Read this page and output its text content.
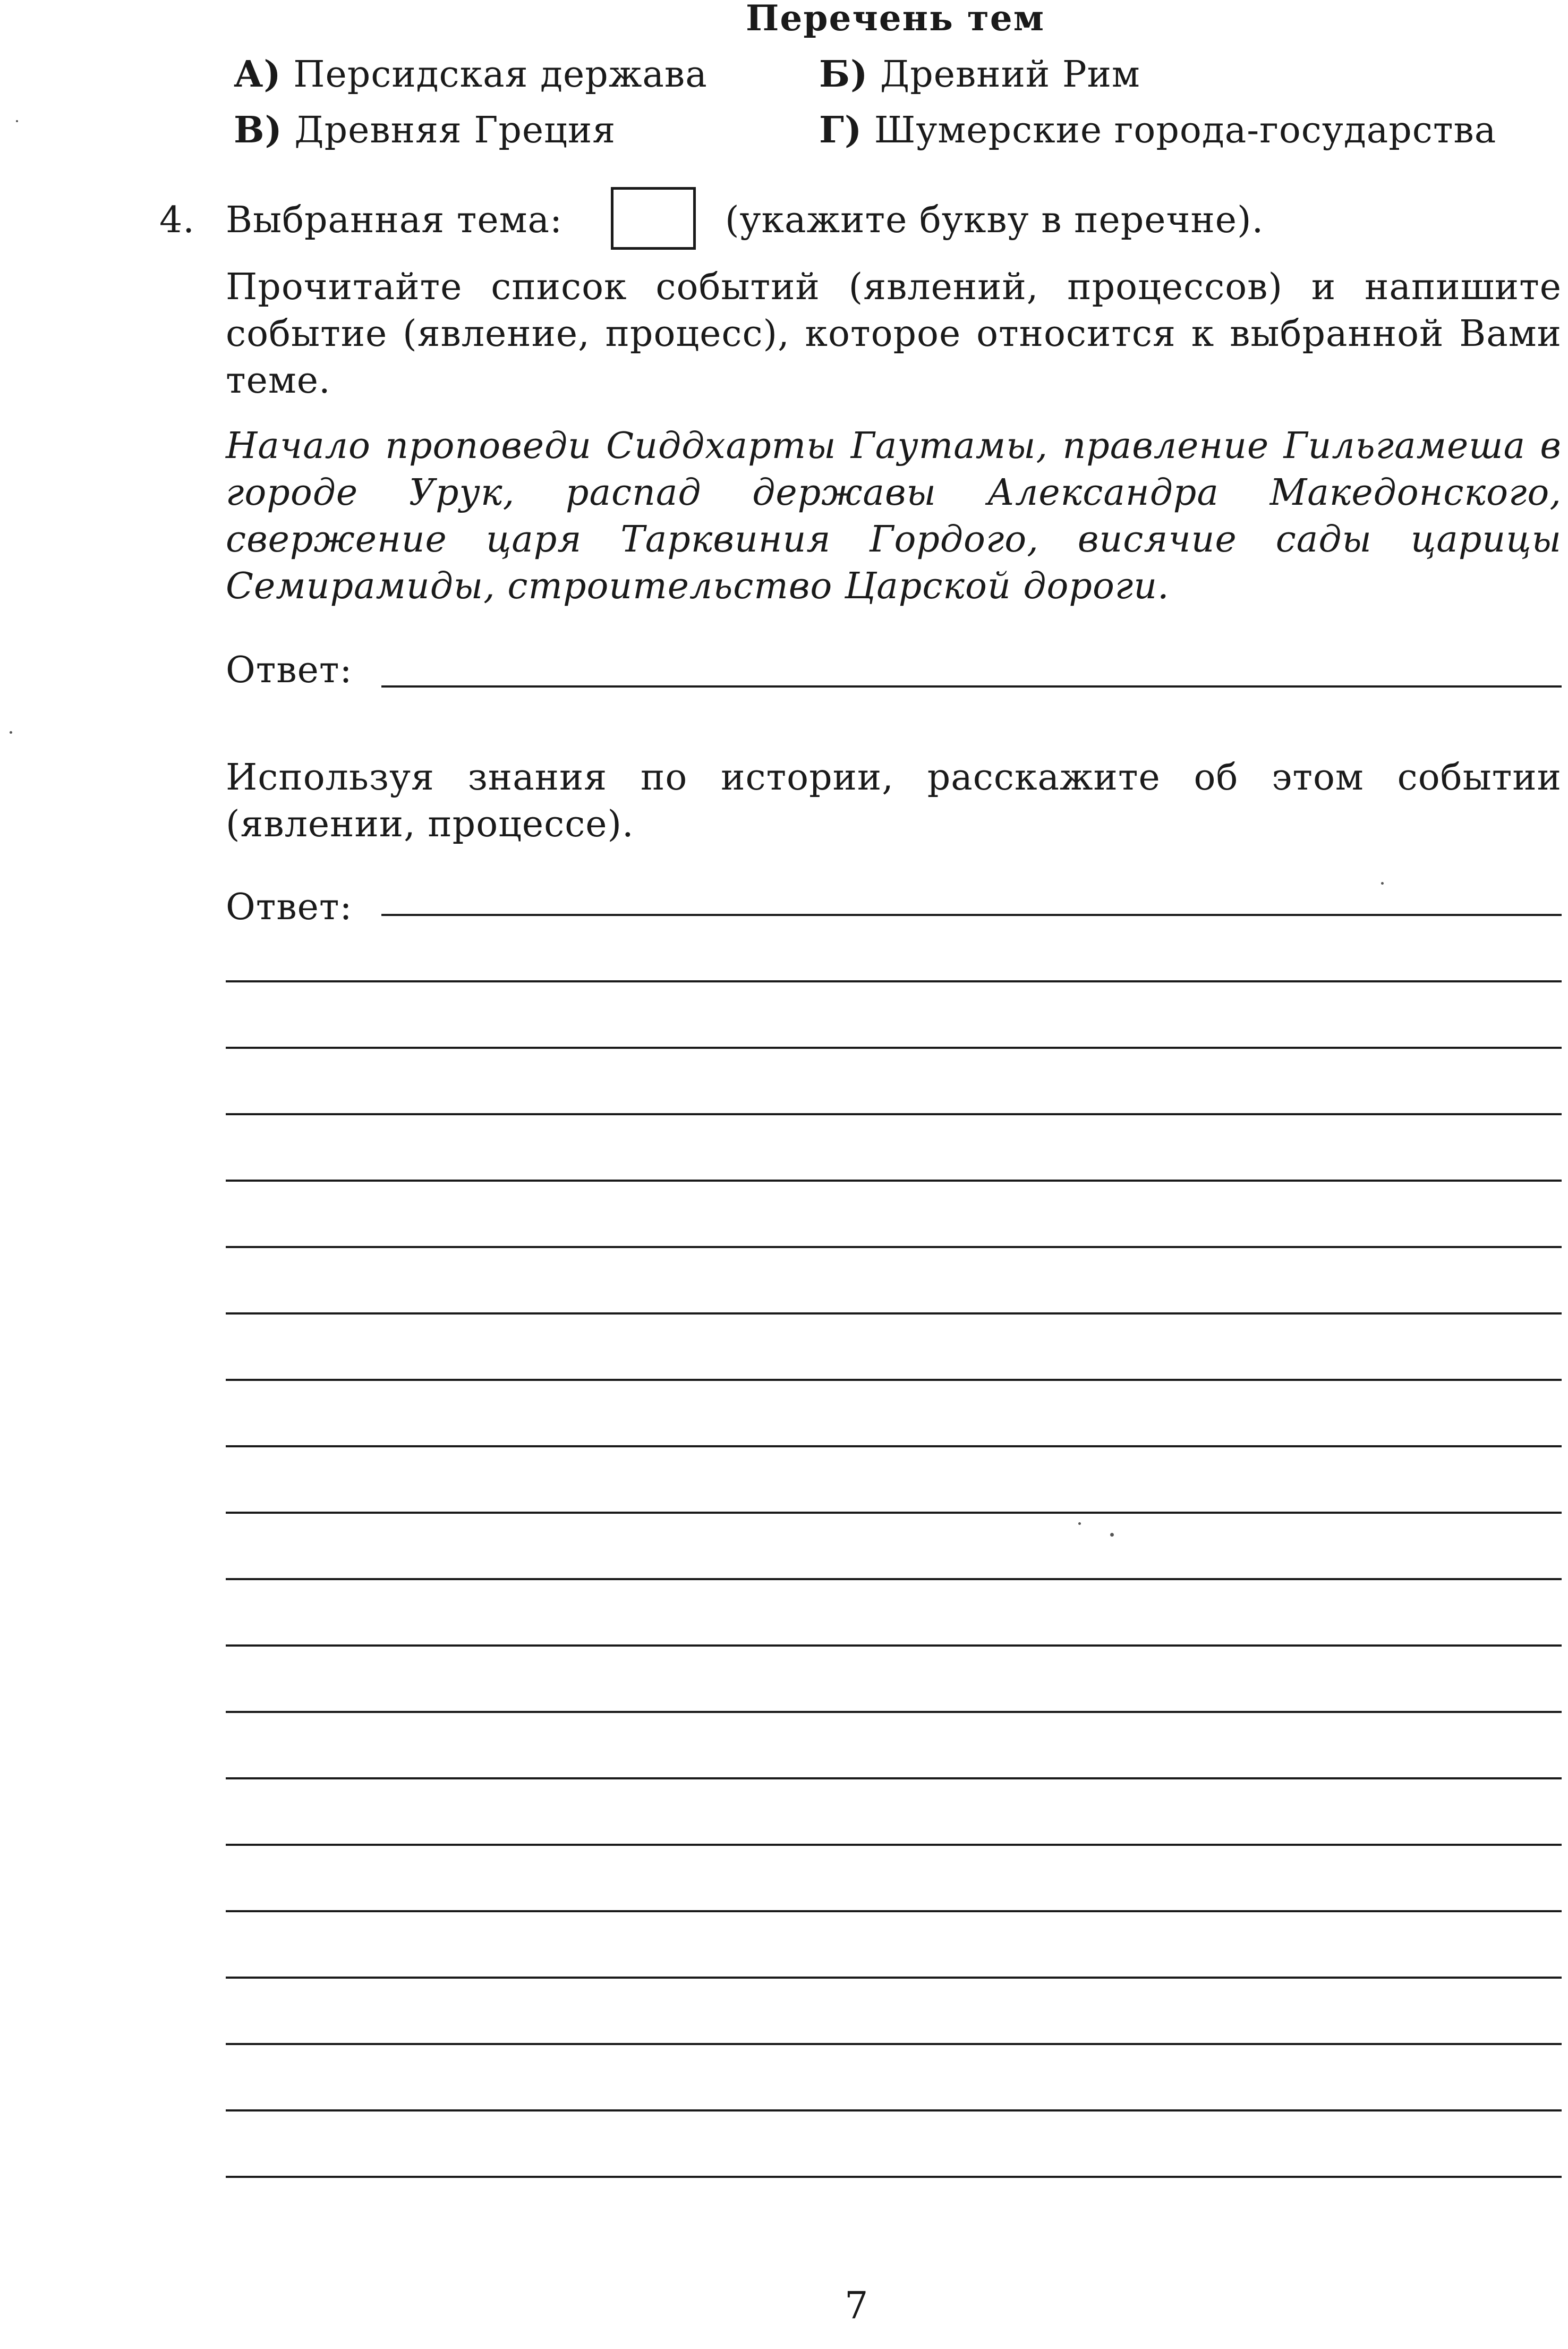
Перечень тем
А) Персидская держава	Б) Древний Рим
В) Древняя Греция	Г) Шумерские города-государства
4. Выбранная тема:	(укажите букву в перечне).
Прочитайте список событий (явлений, процессов) и напишите событие (явление, процесс), которое относится к выбранной Вами теме.
Начало проповеди Сиддхарты Гаутамы, правление Гильгамеша в городе Урук, распад державы Александра Македонского, свержение царя Тарквиния Гордого, висячие сады царицы Семирамиды, строительство Царской дороги.
Ответ:
Используя знания по истории, расскажите об этом событии (явлении, процессе).
Ответ:
7
